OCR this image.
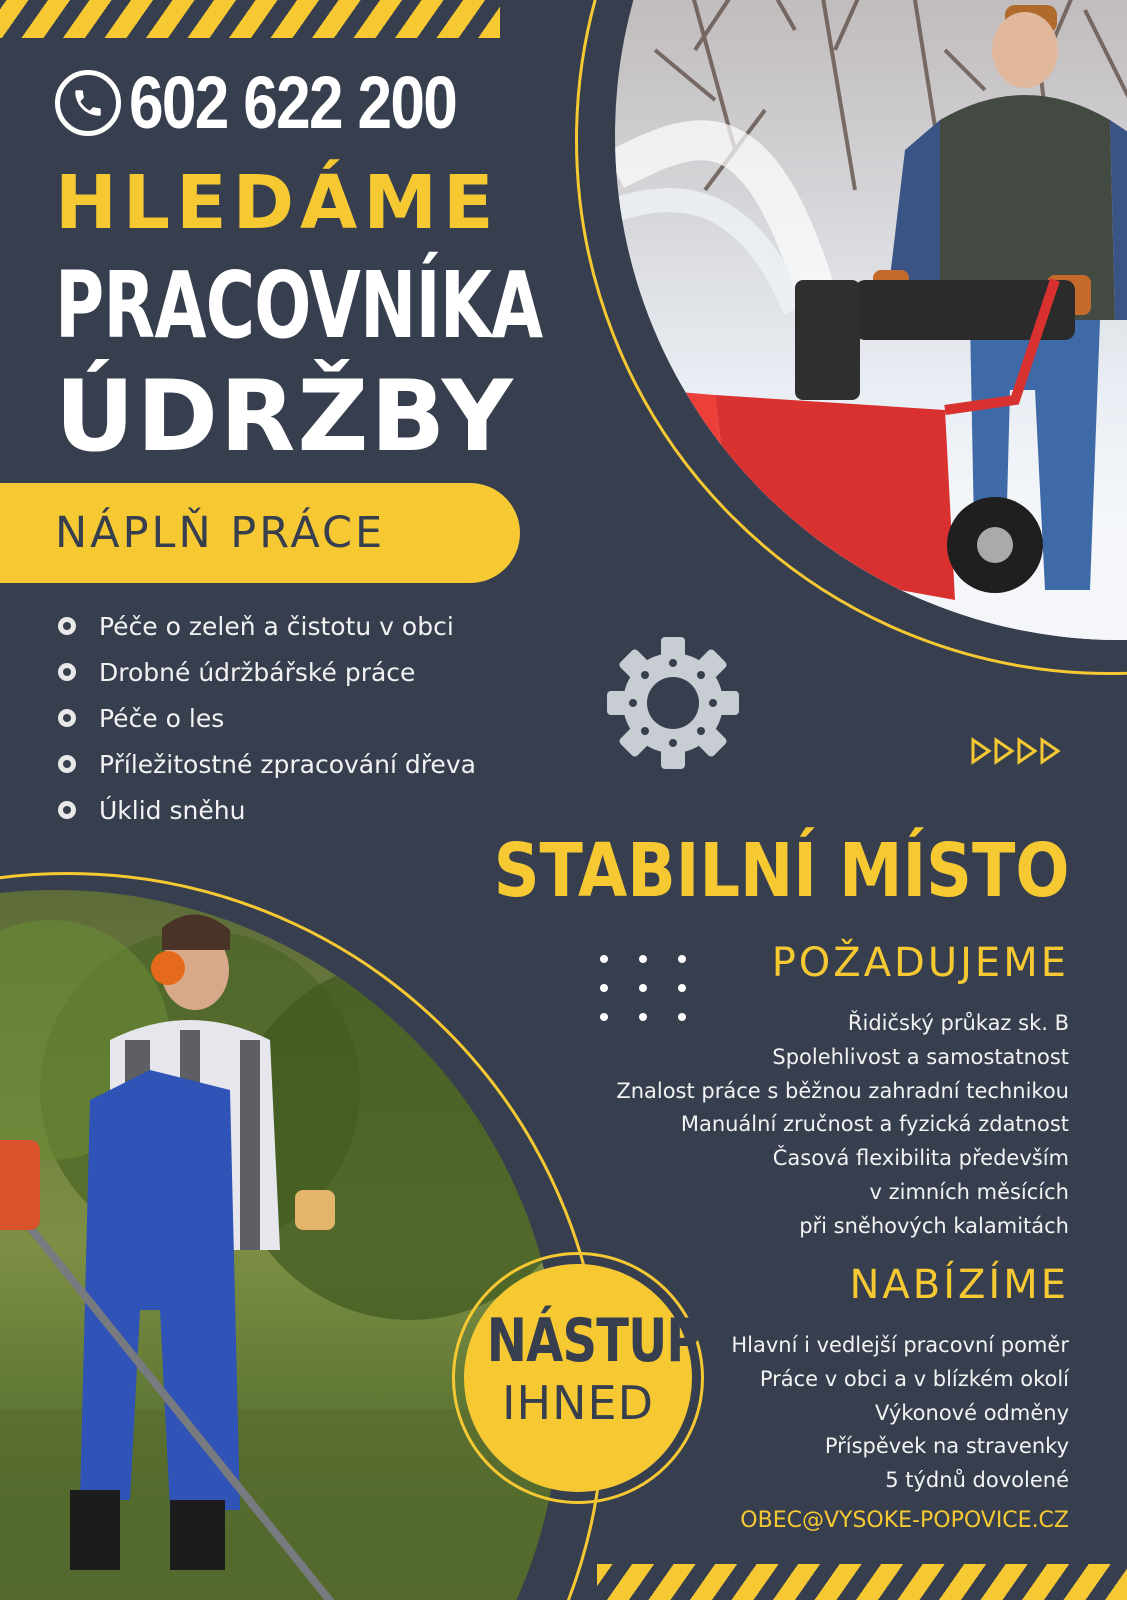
602 622 200
HLEDÁME
PRACOVNÍKA
ÚDRŽBY
NÁPLŇ PRÁCE
Péče o zeleň a čistotu v obci
Drobné údržbářské práce
Péče o les
Příležitostné zpracování dřeva
Úklid sněhu
STABILNÍ MÍSTO
POŽADUJEME
Řidičský průkaz sk. B
Spolehlivost a samostatnost
Znalost práce s běžnou zahradní technikou
Manuální zručnost a fyzická zdatnost
Časová flexibilita především
v zimních měsících
při sněhových kalamitách
NABÍZÍME
Hlavní i vedlejší pracovní poměr
Práce v obci a v blízkém okolí
Výkonové odměny
Příspěvek na stravenky
5 týdnů dovolené
OBEC@VYSOKE-POPOVICE.CZ
NÁSTUP
IHNED
